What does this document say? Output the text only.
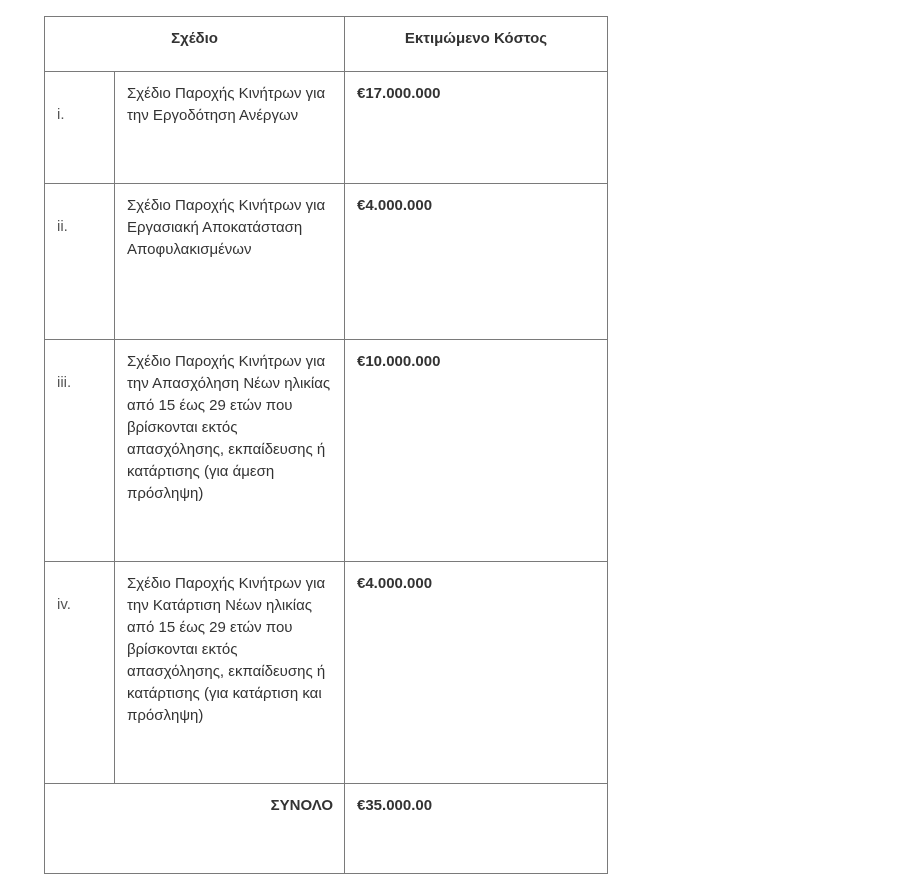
Σχέδιο		Εκτιμώμενο Κόστος
i.	Σχέδιο Παροχής Κινήτρων για την Εργοδότηση Ανέργων	€17.000.000
ii.	Σχέδιο Παροχής Κινήτρων για Εργασιακή Αποκατάσταση Αποφυλακισμένων	€4.000.000
iii.	Σχέδιο Παροχής Κινήτρων για την Απασχόληση Νέων ηλικίας από 15 έως 29 ετών που βρίσκονται εκτός απασχόλησης, εκπαίδευσης ή κατάρτισης (για άμεση πρόσληψη)	€10.000.000
iv.	Σχέδιο Παροχής Κινήτρων για την Κατάρτιση Νέων ηλικίας από 15 έως 29 ετών που βρίσκονται εκτός απασχόλησης, εκπαίδευσης ή κατάρτισης (για κατάρτιση και πρόσληψη)	€4.000.000
ΣΥΝΟΛΟ		€35.000.00
